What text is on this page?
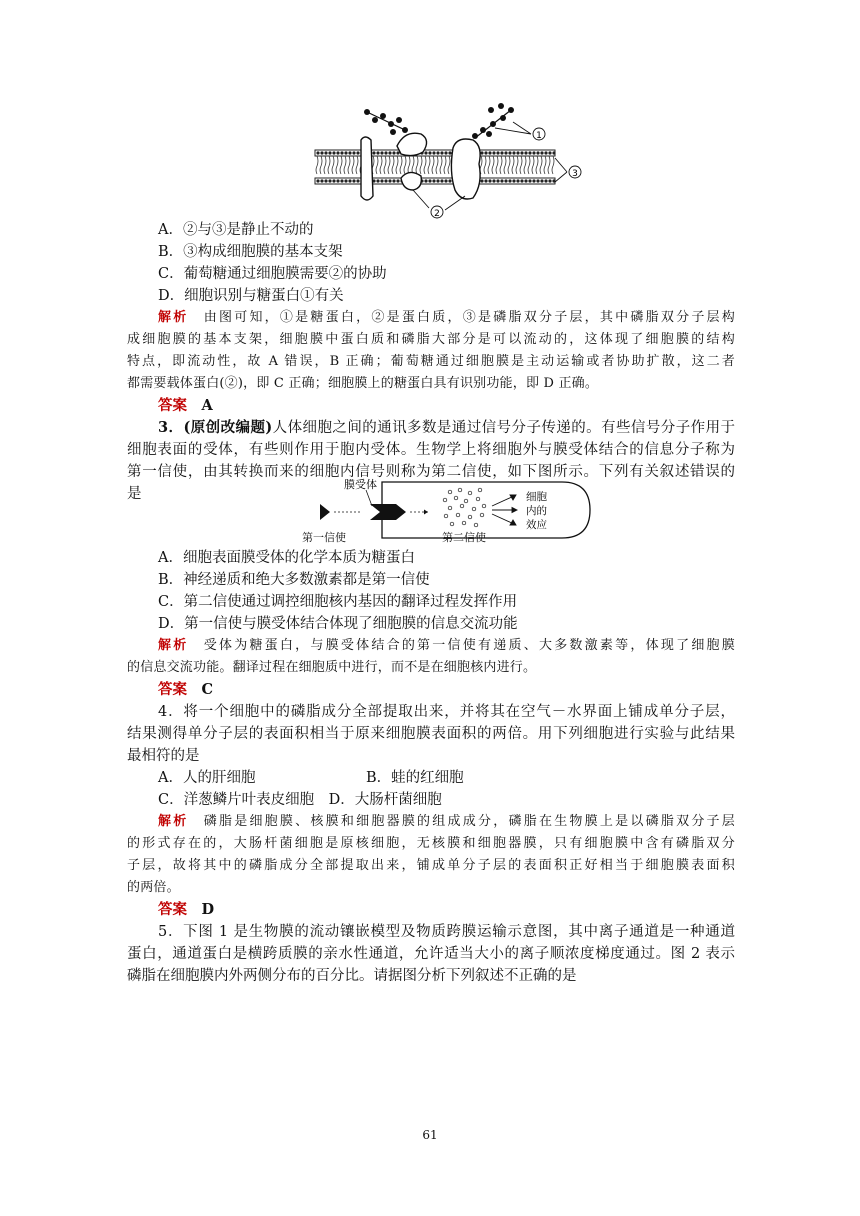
1
3
2
A．②与③是静止不动的
B．③构成细胞膜的基本支架
C．葡萄糖通过细胞膜需要②的协助
D．细胞识别与糖蛋白①有关
解析　 由图可知，①是糖蛋白，②是蛋白质，③是磷脂双分子层，其中磷脂双分子层构
成细胞膜的基本支架，细胞膜中蛋白质和磷脂大部分是可以流动的，这体现了细胞膜的结构
特点，即流动性，故 A 错误，B 正确；葡萄糖通过细胞膜是主动运输或者协助扩散，这二者
都需要载体蛋白(②)，即 C 正确；细胞膜上的糖蛋白具有识别功能，即 D 正确。
答案　 A
3．(原创改编题)人体细胞之间的通讯多数是通过信号分子传递的。有些信号分子作用于
细胞表面的受体，有些则作用于胞内受体。生物学上将细胞外与膜受体结合的信息分子称为
第一信使，由其转换而来的细胞内信号则称为第二信使，如下图所示。下列有关叙述错误的
是
膜受体
细胞
内的
效应
第一信使	第二信使
A．细胞表面膜受体的化学本质为糖蛋白
B．神经递质和绝大多数激素都是第一信使
C．第二信使通过调控细胞核内基因的翻译过程发挥作用
D．第一信使与膜受体结合体现了细胞膜的信息交流功能
解析　 受体为糖蛋白，与膜受体结合的第一信使有递质、大多数激素等，体现了细胞膜
的信息交流功能。翻译过程在细胞质中进行，而不是在细胞核内进行。
答案　 C
4．将一个细胞中的磷脂成分全部提取出来，并将其在空气－水界面上铺成单分子层，
结果测得单分子层的表面积相当于原来细胞膜表面积的两倍。用下列细胞进行实验与此结果
最相符的是
A．人的肝细胞	B．蛙的红细胞
C．洋葱鳞片叶表皮细胞　D．大肠杆菌细胞
解析　 磷脂是细胞膜、核膜和细胞器膜的组成成分，磷脂在生物膜上是以磷脂双分子层
的形式存在的，大肠杆菌细胞是原核细胞，无核膜和细胞器膜，只有细胞膜中含有磷脂双分
子层，故将其中的磷脂成分全部提取出来，铺成单分子层的表面积正好相当于细胞膜表面积
的两倍。
答案　 D
5．下图 1 是生物膜的流动镶嵌模型及物质跨膜运输示意图，其中离子通道是一种通道
蛋白，通道蛋白是横跨质膜的亲水性通道，允许适当大小的离子顺浓度梯度通过。图 2 表示
磷脂在细胞膜内外两侧分布的百分比。请据图分析下列叙述不正确的是
61
